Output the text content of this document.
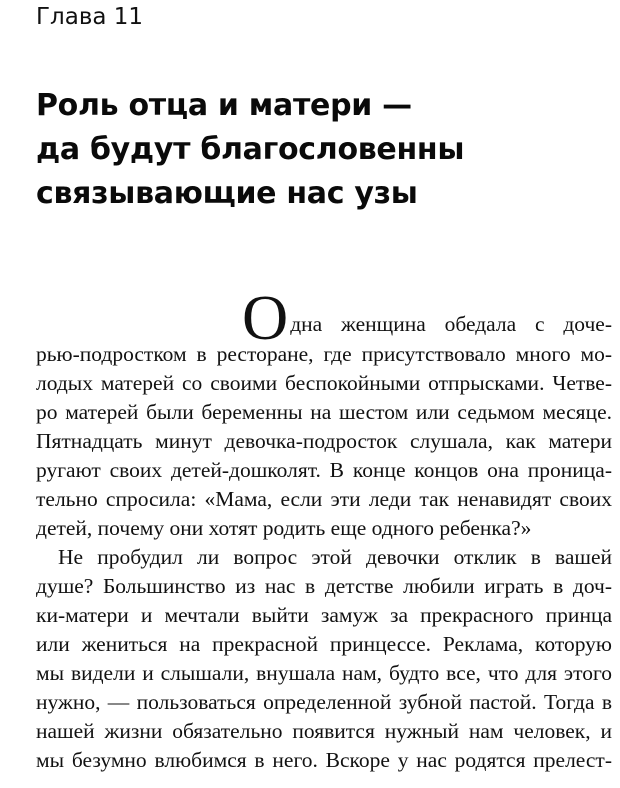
Глава 11
Роль отца и матери —
да будут благословенны
связывающие нас узы
О дна женщина обедала с доче-
рью-подростком в ресторане, где присутствовало много мо-
лодых матерей со своими беспокойными отпрысками. Четве-
ро матерей были беременны на шестом или седьмом месяце.
Пятнадцать минут девочка-подросток слушала, как матери
ругают своих детей-дошколят. В конце концов она проница-
тельно спросила: «Мама, если эти леди так ненавидят своих
детей, почему они хотят родить еще одного ребенка?»
Не пробудил ли вопрос этой девочки отклик в вашей
душе? Большинство из нас в детстве любили играть в доч-
ки-матери и мечтали выйти замуж за прекрасного принца
или жениться на прекрасной принцессе. Реклама, которую
мы видели и слышали, внушала нам, будто все, что для этого
нужно, — пользоваться определенной зубной пастой. Тогда в
нашей жизни обязательно появится нужный нам человек, и
мы безумно влюбимся в него. Вскоре у нас родятся прелест-
